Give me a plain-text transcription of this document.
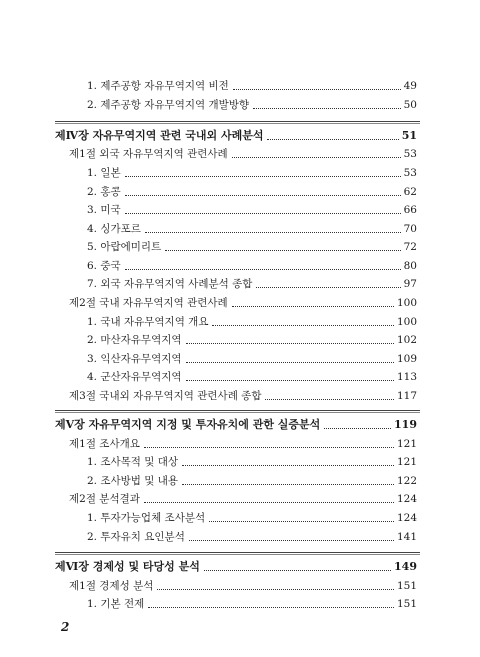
1. 제주공항 자유무역지역 비전	49
2. 제주공항 자유무역지역 개발방향	50
제Ⅳ장 자유무역지역 관련 국내외 사례분석	51
제1절 외국 자유무역지역 관련사례	53
1. 일본	53
2. 홍콩	62
3. 미국	66
4. 싱가포르	70
5. 아랍에미리트	72
6. 중국	80
7. 외국 자유무역지역 사례분석 종합	97
제2절 국내 자유무역지역 관련사례	100
1. 국내 자유무역지역 개요	100
2. 마산자유무역지역	102
3. 익산자유무역지역	109
4. 군산자유무역지역	113
제3절 국내외 자유무역지역 관련사례 종합	117
제Ⅴ장 자유무역지역 지정 및 투자유치에 관한 실증분석	119
제1절 조사개요	121
1. 조사목적 및 대상	121
2. 조사방법 및 내용	122
제2절 분석결과	124
1. 투자가능업체 조사분석	124
2. 투자유치 요인분석	141
제Ⅵ장 경제성 및 타당성 분석	149
제1절 경제성 분석	151
1. 기본 전제	151
2
